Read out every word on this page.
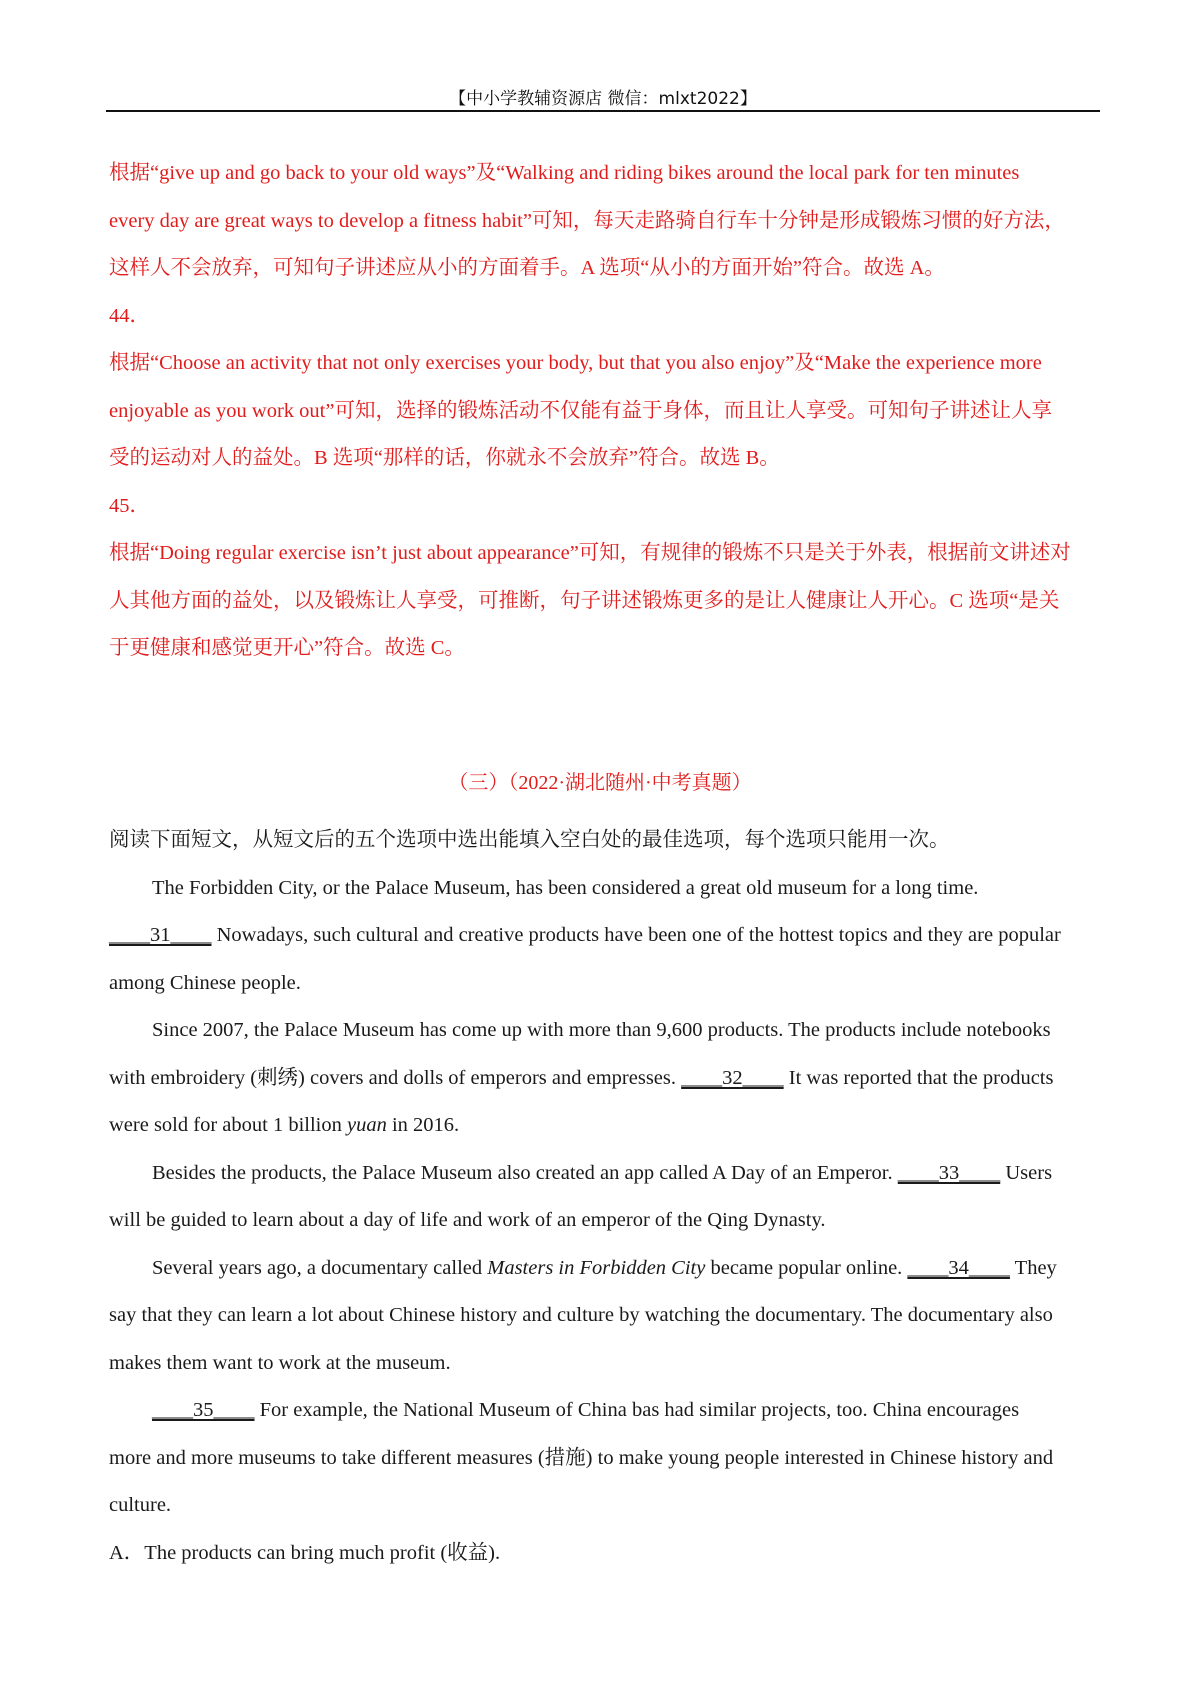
【中小学教辅资源店 微信：mlxt2022】
根据“give up and go back to your old ways”及“Walking and riding bikes around the local park for ten minutes
every day are great ways to develop a fitness habit”可知，每天走路骑自行车十分钟是形成锻炼习惯的好方法，
这样人不会放弃，可知句子讲述应从小的方面着手。A 选项“从小的方面开始”符合。故选 A。
44．
根据“Choose an activity that not only exercises your body, but that you also enjoy”及“Make the experience more
enjoyable as you work out”可知，选择的锻炼活动不仅能有益于身体，而且让人享受。可知句子讲述让人享
受的运动对人的益处。B 选项“那样的话，你就永不会放弃”符合。故选 B。
45．
根据“Doing regular exercise isn’t just about appearance”可知，有规律的锻炼不只是关于外表，根据前文讲述对
人其他方面的益处，以及锻炼让人享受，可推断，句子讲述锻炼更多的是让人健康让人开心。C 选项“是关
于更健康和感觉更开心”符合。故选 C。
（三）（2022·湖北随州·中考真题）
阅读下面短文，从短文后的五个选项中选出能填入空白处的最佳选项，每个选项只能用一次。
The Forbidden City, or the Palace Museum, has been considered a great old museum for a long time.
____31____ Nowadays, such cultural and creative products have been one of the hottest topics and they are popular
among Chinese people.
Since 2007, the Palace Museum has come up with more than 9,600 products. The products include notebooks
with embroidery (刺绣) covers and dolls of emperors and empresses. ____32____ It was reported that the products
were sold for about 1 billion yuan in 2016.
Besides the products, the Palace Museum also created an app called A Day of an Emperor. ____33____ Users
will be guided to learn about a day of life and work of an emperor of the Qing Dynasty.
Several years ago, a documentary called Masters in Forbidden City became popular online. ____34____ They
say that they can learn a lot about Chinese history and culture by watching the documentary. The documentary also
makes them want to work at the museum.
____35____ For example, the National Museum of China bas had similar projects, too. China encourages
more and more museums to take different measures (措施) to make young people interested in Chinese history and
culture.
A．The products can bring much profit (收益).
